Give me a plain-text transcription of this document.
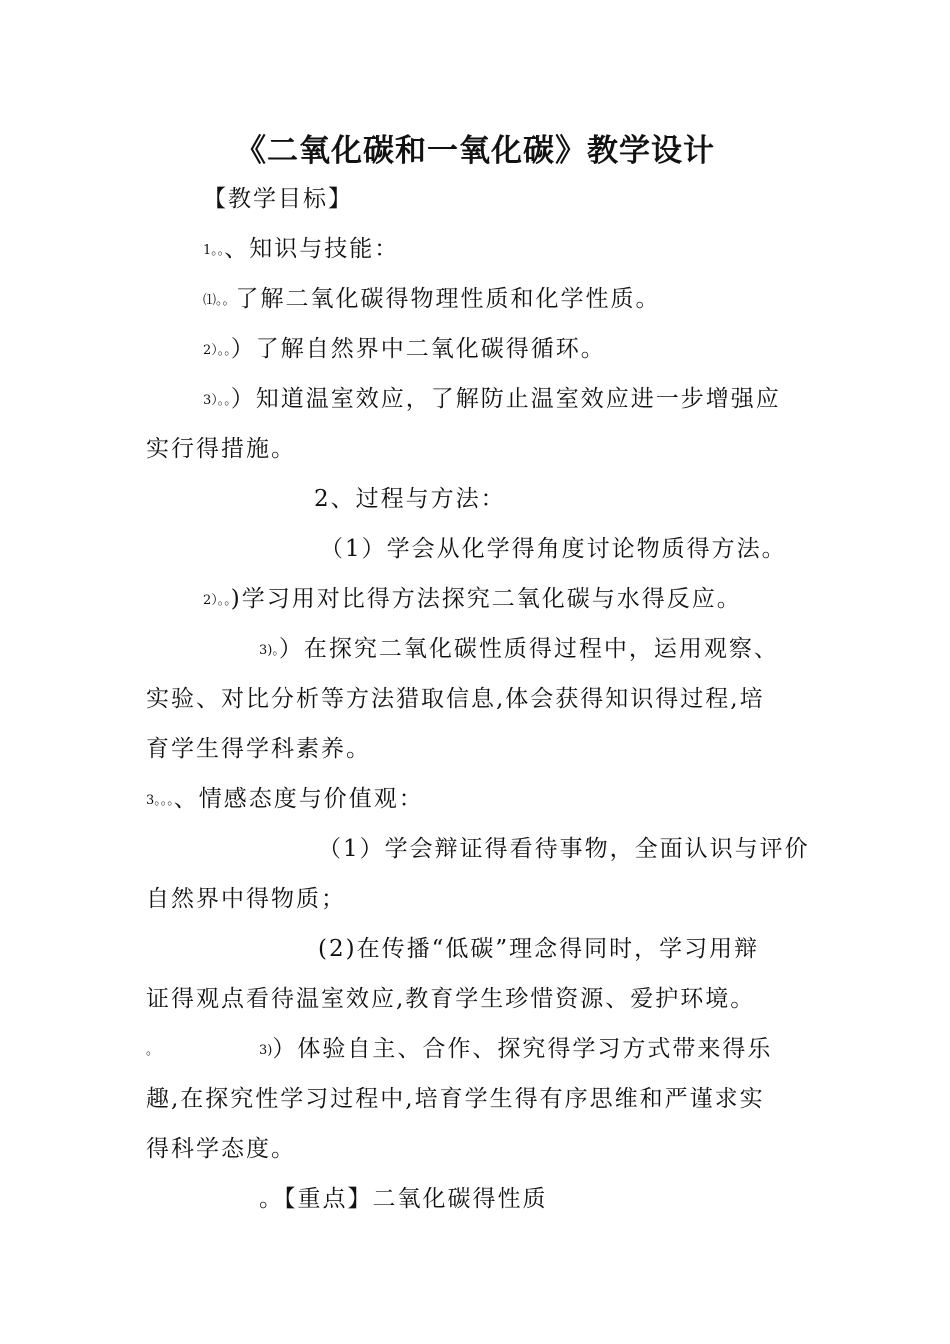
《二氧化碳和一氧化碳》教学设计
【教学目标】
1。。、知识与技能：
⑴。。了解二氧化碳得物理性质和化学性质。
2）。。）了解自然界中二氧化碳得循环。
3）。。）知道温室效应，了解防止温室效应进一步增强应
实行得措施。
2、过程与方法：
（1）学会从化学得角度讨论物质得方法。
2）。。)学习用对比得方法探究二氧化碳与水得反应。
3)。）在探究二氧化碳性质得过程中，运用观察、
实验、对比分析等方法猎取信息,体会获得知识得过程,培
育学生得学科素养。
3。。。、情感态度与价值观：
（1）学会辩证得看待事物，全面认识与评价
自然界中得物质；
(2)在传播“低碳”理念得同时，学习用辩
证得观点看待温室效应,教育学生珍惜资源、爱护环境。
。	3)）体验自主、合作、探究得学习方式带来得乐
趣,在探究性学习过程中,培育学生得有序思维和严谨求实
得科学态度。
。【重点】二氧化碳得性质
